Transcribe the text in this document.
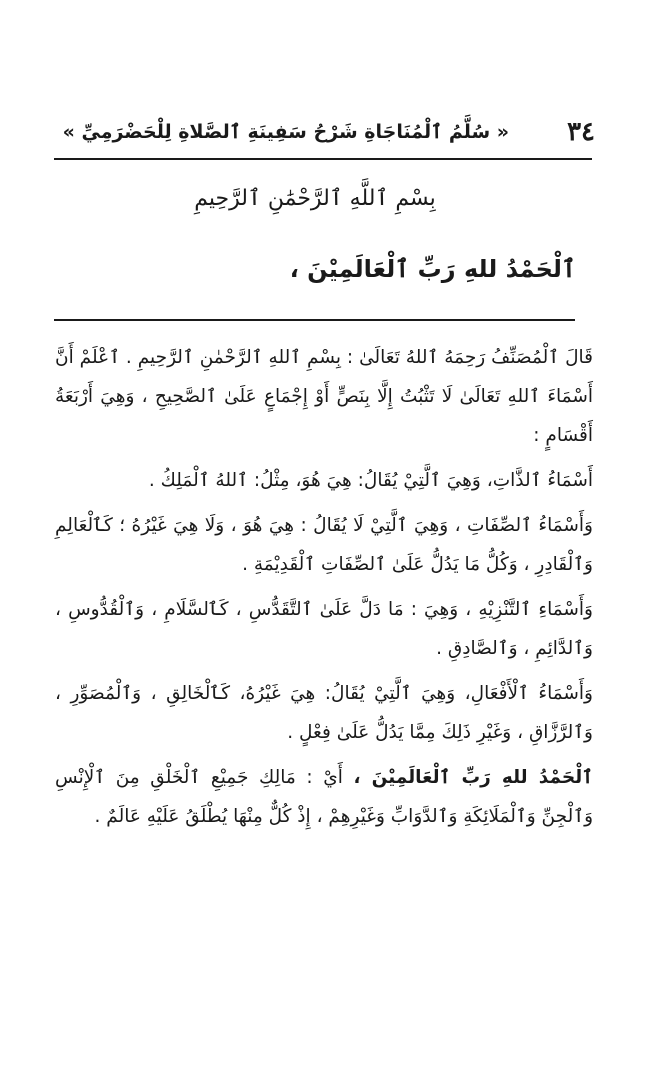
٣٤
« سُلَّمُ ٱلْمُنَاجَاةِ شَرْحُ سَفِينَةِ ٱلصَّلاةِ لِلْحَضْرَمِيِّ »
بِسْمِ ٱللَّهِ ٱلرَّحْمَٰنِ ٱلرَّحِيمِ
ٱلْحَمْدُ للهِ رَبِّ ٱلْعَالَمِيْنَ ،

قَالَ ٱلْمُصَنِّفُ رَحِمَهُ ٱللهُ تَعَالَىٰ : بِسْمِ ٱللهِ ٱلرَّحْمٰنِ ٱلرَّحِيمِ . ٱعْلَمْ أَنَّ أَسْمَاءَ ٱللهِ تَعَالَىٰ لَا تَثْبُتُ إِلَّا بِنَصٍّ أَوْ إِجْمَاعٍ عَلَىٰ ٱلصَّحِيحِ ، وَهِيَ أَرْبَعَةُ أَقْسَامٍ :

أَسْمَاءُ ٱلذَّاتِ، وَهِيَ ٱلَّتِيْ يُقَالُ: هِيَ هُوَ، مِثْلُ: ٱللهُ ٱلْمَلِكُ .

وَأَسْمَاءُ ٱلصِّفَاتِ ، وَهِيَ ٱلَّتِيْ لَا يُقَالُ : هِيَ هُوَ ، وَلَا هِيَ غَيْرُهُ ؛ كَٱلْعَالِمِ وَٱلْقَادِرِ ، وَكُلُّ مَا يَدُلُّ عَلَىٰ ٱلصِّفَاتِ ٱلْقَدِيْمَةِ .

وَأَسْمَاءِ ٱلتَّنْزِيْهِ ، وَهِيَ : مَا دَلَّ عَلَىٰ ٱلتَّقَدُّسِ ، كَٱلسَّلَامِ ، وَٱلْقُدُّوسِ ، وَٱلدَّائِمِ ، وَٱلصَّادِقِ .

وَأَسْمَاءُ ٱلْأَفْعَالِ، وَهِيَ ٱلَّتِيْ يُقَالُ: هِيَ غَيْرُهُ، كَٱلْخَالِقِ ، وَٱلْمُصَوِّرِ ، وَٱلرَّزَّاقِ ، وَغَيْرِ ذَلِكَ مِمَّا يَدُلُّ عَلَىٰ فِعْلٍ .

ٱلْحَمْدُ للهِ رَبِّ ٱلْعَالَمِيْنَ ، أَيْ : مَالِكِ جَمِيْعِ ٱلْخَلْقِ مِنَ ٱلْإِنْسِ وَٱلْجِنِّ وَٱلْمَلَائِكَةِ وَٱلدَّوَابِّ وَغَيْرِهِمْ ، إِذْ كُلٌّ مِنْهَا يُطْلَقُ عَلَيْهِ عَالَمٌ .
